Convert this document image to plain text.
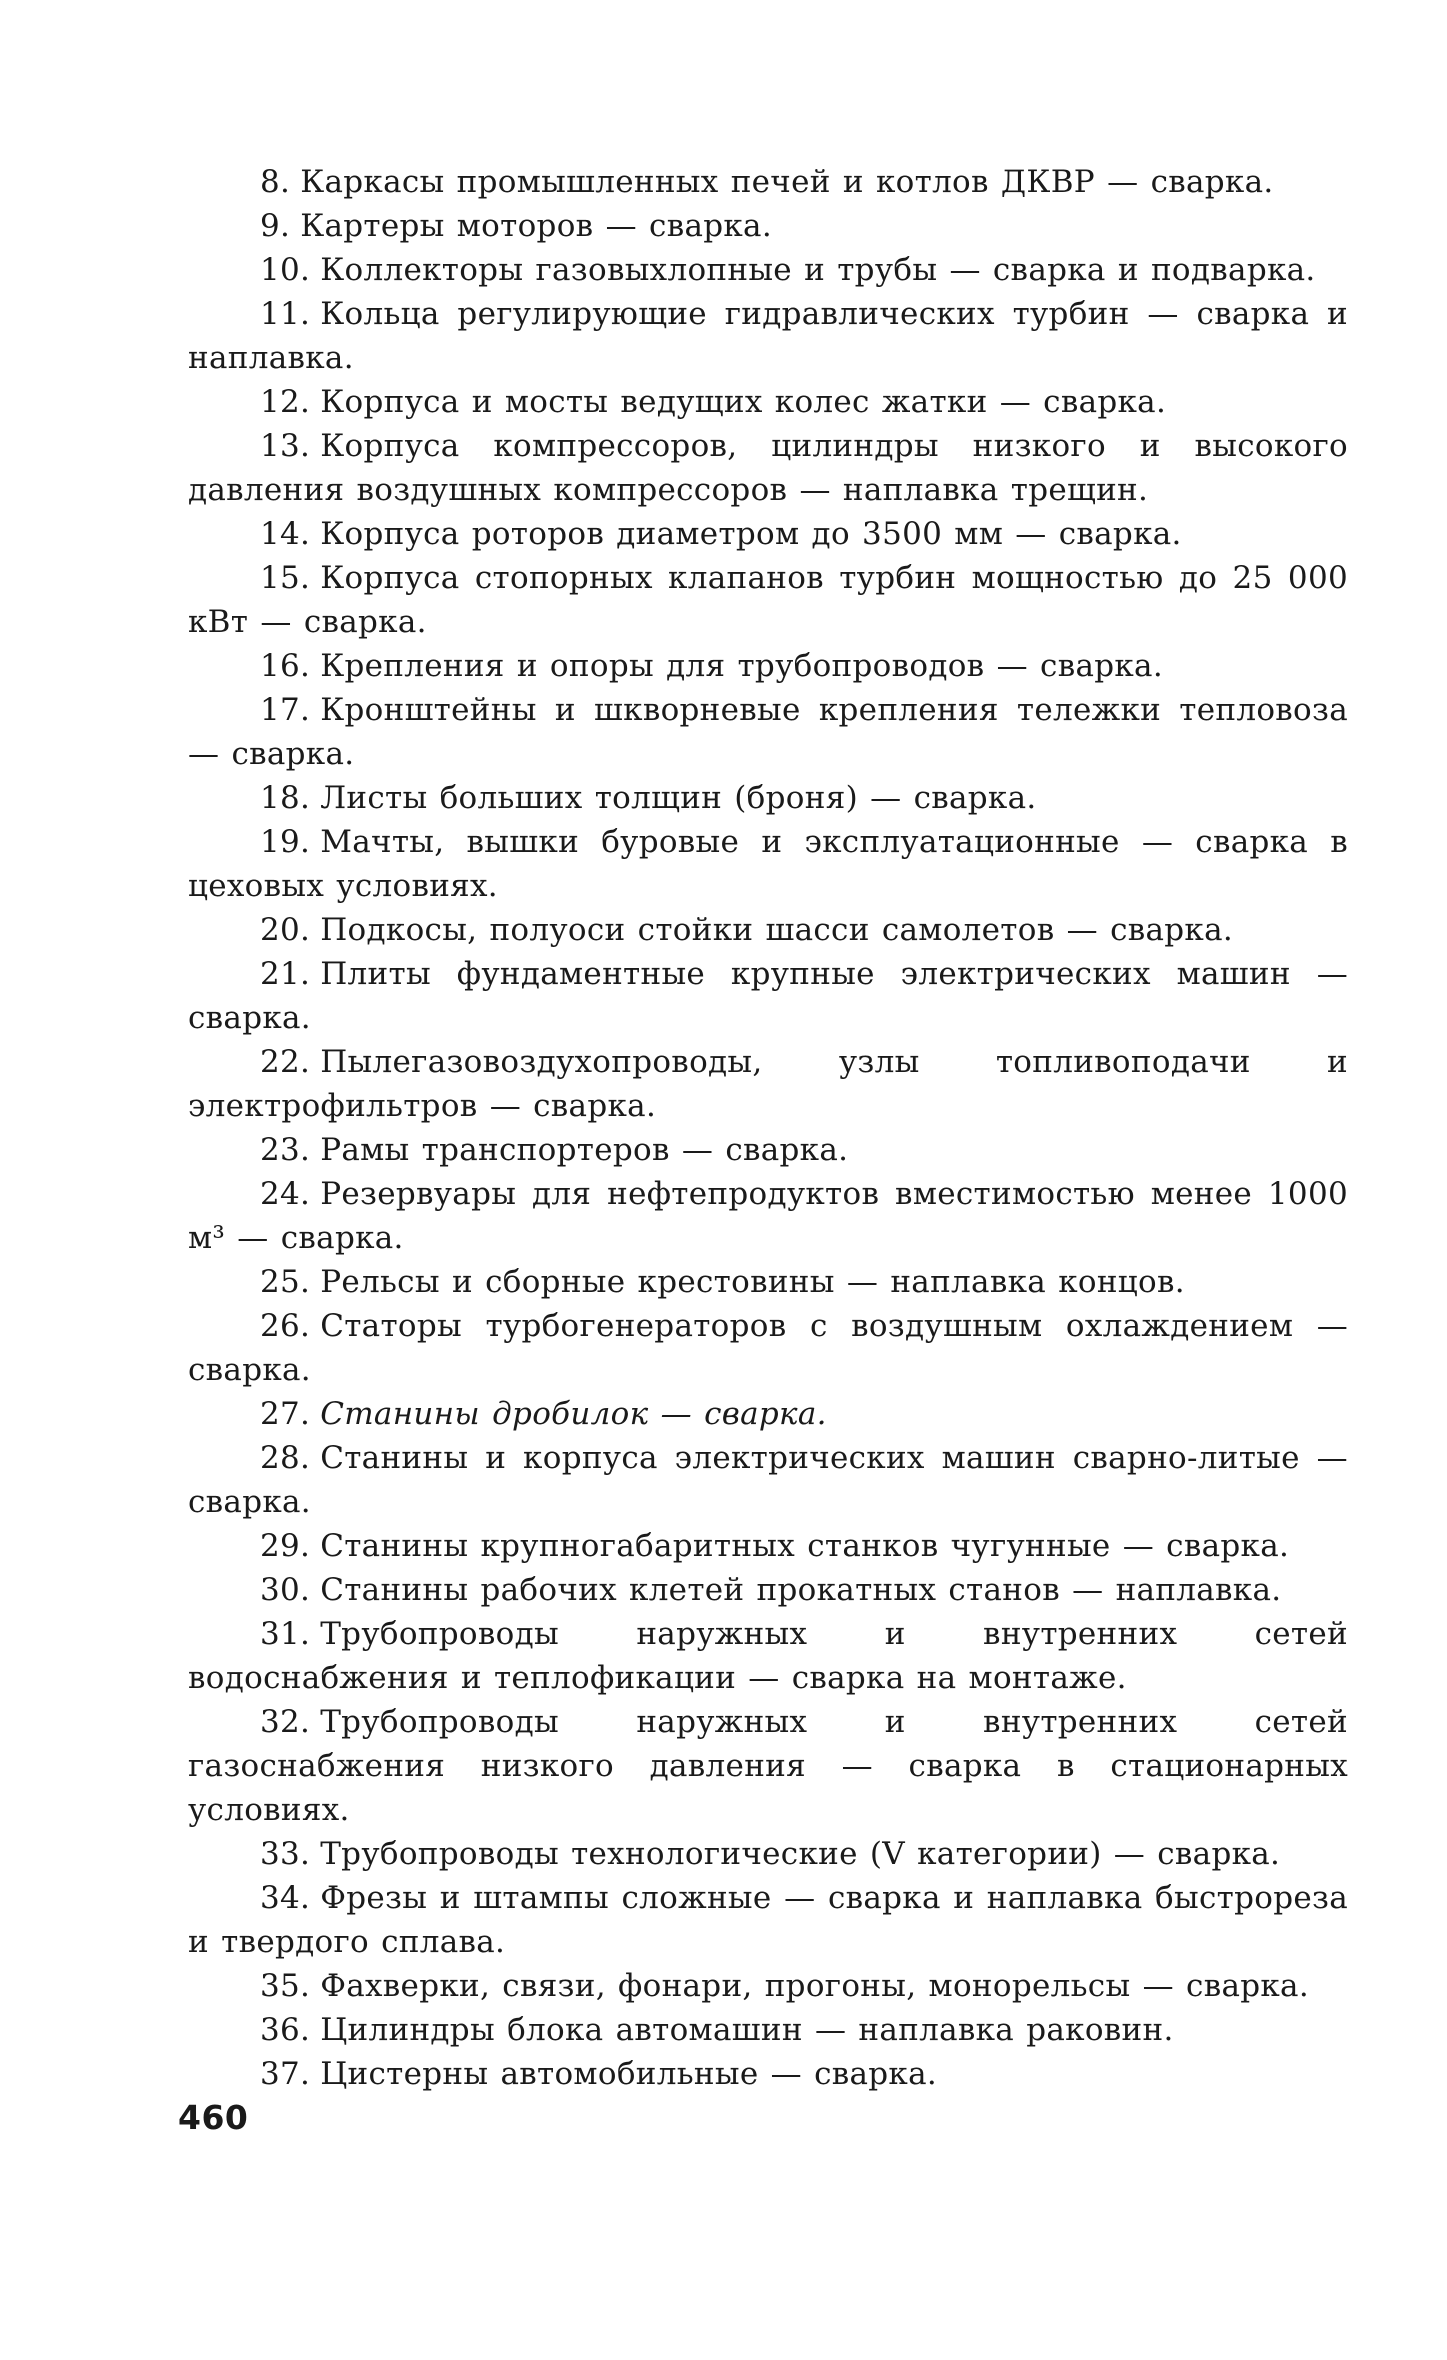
8. Каркасы промышленных печей и котлов ДКВР — сварка.

9. Картеры моторов — сварка.

10. Коллекторы газовыхлопные и трубы — сварка и подварка.

11. Кольца регулирующие гидравлических турбин — сварка и наплавка.

12. Корпуса и мосты ведущих колес жатки — сварка.

13. Корпуса компрессоров, цилиндры низкого и высокого давления воздушных компрессоров — наплавка трещин.

14. Корпуса роторов диаметром до 3500 мм — сварка.

15. Корпуса стопорных клапанов турбин мощностью до 25 000 кВт — сварка.

16. Крепления и опоры для трубопроводов — сварка.

17. Кронштейны и шкворневые крепления тележки тепловоза — сварка.

18. Листы больших толщин (броня) — сварка.

19. Мачты, вышки буровые и эксплуатационные — сварка в цеховых условиях.

20. Подкосы, полуоси стойки шасси самолетов — сварка.

21. Плиты фундаментные крупные электрических машин — сварка.

22. Пылегазовоздухопроводы, узлы топливоподачи и электрофильтров — сварка.

23. Рамы транспортеров — сварка.

24. Резервуары для нефтепродуктов вместимостью менее 1000 м³ — сварка.

25. Рельсы и сборные крестовины — наплавка концов.

26. Статоры турбогенераторов с воздушным охлаждением — сварка.

27. Станины дробилок — сварка.

28. Станины и корпуса электрических машин сварно-литые — сварка.

29. Станины крупногабаритных станков чугунные — сварка.

30. Станины рабочих клетей прокатных станов — наплавка.

31. Трубопроводы наружных и внутренних сетей водоснабжения и теплофикации — сварка на монтаже.

32. Трубопроводы наружных и внутренних сетей газоснабжения низкого давления — сварка в стационарных условиях.

33. Трубопроводы технологические (V категории) — сварка.

34. Фрезы и штампы сложные — сварка и наплавка быстрореза и твердого сплава.

35. Фахверки, связи, фонари, прогоны, монорельсы — сварка.

36. Цилиндры блока автомашин — наплавка раковин.

37. Цистерны автомобильные — сварка.

460
